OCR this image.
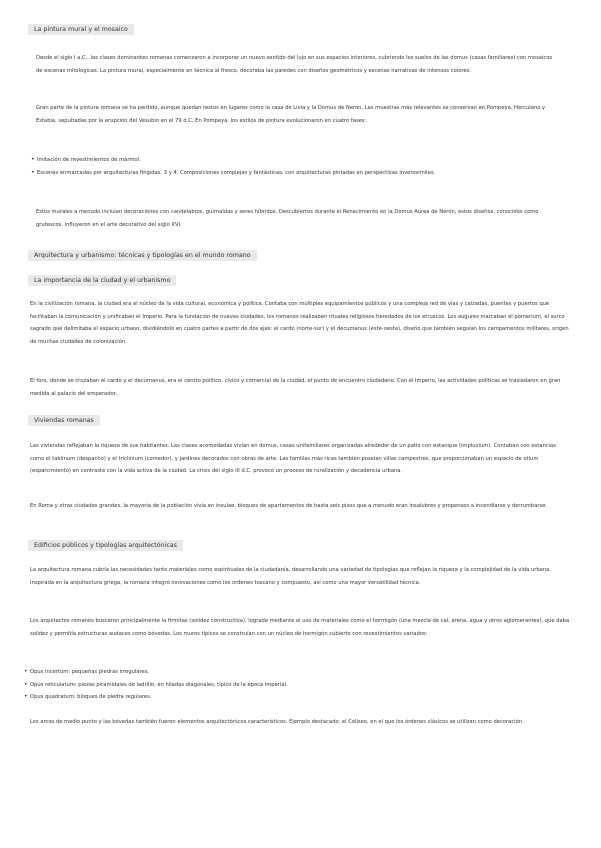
La pintura mural y el mosaico

Desde el siglo I a.C., las clases dominantes romanas comenzaron a incorporar un nuevo sentido del lujo en sus espacios interiores, cubriendo los suelos de las domus (casas familiares) con mosaicos de escenas mitológicas. La pintura mural, especialmente en técnica al fresco, decoraba las paredes con diseños geométricos y escenas narrativas de intensos colores.

Gran parte de la pintura romana se ha perdido, aunque quedan restos en lugares como la casa de Livia y la Domus de Nerón. Las muestras más relevantes se conservan en Pompeya, Herculano y Estabia, sepultadas por la erupción del Vesubio en el 79 d.C. En Pompeya, los estilos de pintura evolucionaron en cuatro fases:

• Imitación de revestimientos de mármol.
• Escenas enmarcadas por arquitecturas fingidas. 3 y 4. Composiciones complejas y fantásticas, con arquitecturas pintadas en perspectivas inverosímiles.

Estos murales a menudo incluían decoraciones con candelabros, guirnaldas y seres híbridos. Descubiertos durante el Renacimiento en la Domus Aurea de Nerón, estos diseños, conocidos como grutescos, influyeron en el arte decorativo del siglo XVI.

Arquitectura y urbanismo: técnicas y tipologías en el mundo romano
La importancia de la ciudad y el urbanismo

En la civilización romana, la ciudad era el núcleo de la vida cultural, económica y política. Contaba con múltiples equipamientos públicos y una compleja red de vías y calzadas, puentes y puertos que facilitaban la comunicación y unificaban el Imperio. Para la fundación de nuevas ciudades, los romanos realizaban rituales religiosos heredados de los etruscos. Los augures marcaban el pomerium, el surco sagrado que delimitaba el espacio urbano, dividiéndolo en cuatro partes a partir de dos ejes: el cardo (norte-sur) y el decumanus (este-oeste), diseño que también seguían los campamentos militares, origen de muchas ciudades de colonización.

El foro, donde se cruzaban el cardo y el decumanus, era el centro político, cívico y comercial de la ciudad, el punto de encuentro ciudadano. Con el Imperio, las actividades políticas se trasladaron en gran medida al palacio del emperador.

Viviendas romanas

Las viviendas reflejaban la riqueza de sus habitantes. Las clases acomodadas vivían en domus, casas unifamiliares organizadas alrededor de un patio con estanque (impluvium). Contaban con estancias como el tablinum (despacho) y el triclinium (comedor), y jardines decorados con obras de arte. Las familias más ricas también poseían villas campestres, que proporcionaban un espacio de otium (esparcimiento) en contraste con la vida activa de la ciudad. La crisis del siglo III d.C. provocó un proceso de ruralización y decadencia urbana.

En Roma y otras ciudades grandes, la mayoría de la población vivía en insulae, bloques de apartamentos de hasta seis pisos que a menudo eran insalubres y propensos a incendiarse y derrumbarse.

Edificios públicos y tipologías arquitectónicas

La arquitectura romana cubría las necesidades tanto materiales como espirituales de la ciudadanía, desarrollando una variedad de tipologías que reflejan la riqueza y la complejidad de la vida urbana. Inspirada en la arquitectura griega, la romana integró innovaciones como los órdenes toscano y compuesto, así como una mayor versatilidad técnica.

Los arquitectos romanos buscaron principalmente la firmitas (solidez constructiva), lograda mediante el uso de materiales como el hormigón (una mezcla de cal, arena, agua y otros aglomerantes), que daba solidez y permitía estructuras audaces como bóvedas. Los muros típicos se construían con un núcleo de hormigón cubierto con revestimientos variados:

• Opus incertum: pequeñas piedras irregulares.
• Opus reticulatum: piezas piramidales de ladrillo, en hiladas diagonales, típico de la época imperial.
• Opus quadratum: bloques de piedra regulares.

Los arcos de medio punto y las bóvedas también fueron elementos arquitectónicos característicos. Ejemplo destacado: el Coliseo, en el que los órdenes clásicos se utilizan como decoración.
